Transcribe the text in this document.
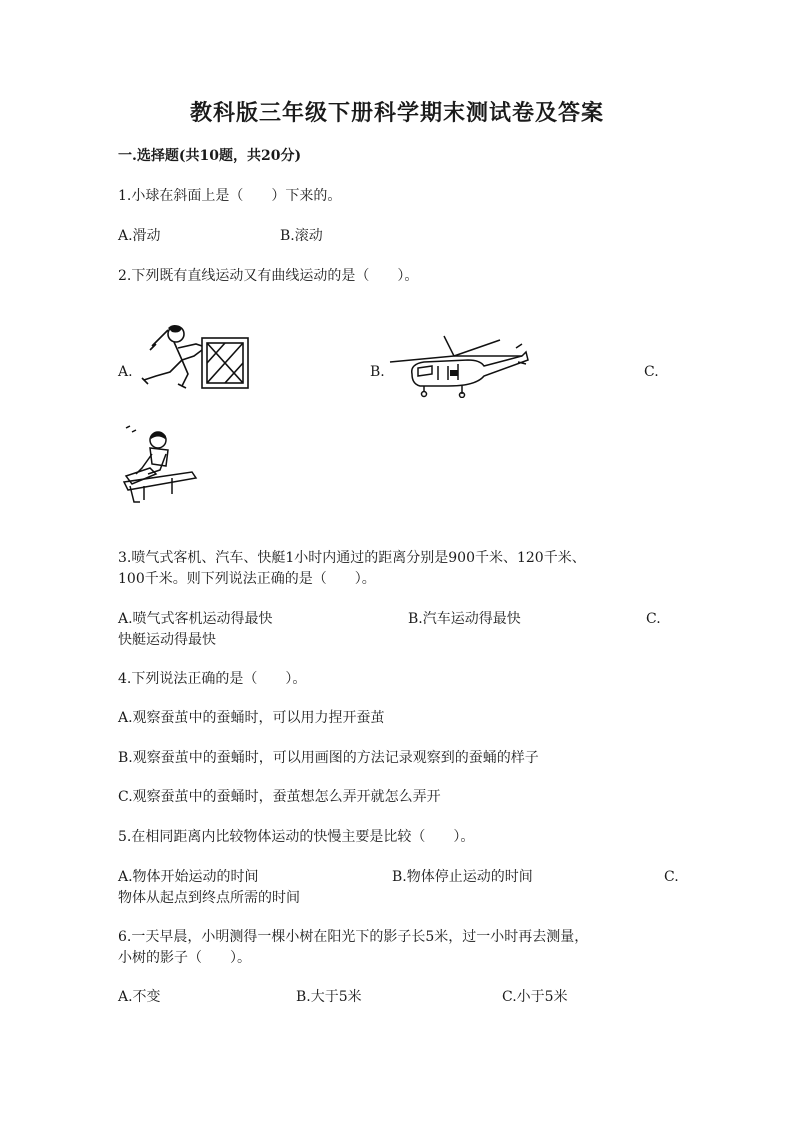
教科版三年级下册科学期末测试卷及答案
一.选择题(共10题，共20分)
1.小球在斜面上是（　　）下来的。
A.滑动	B.滚动
2.下列既有直线运动又有曲线运动的是（　　）。
A.	B.	C.
3.喷气式客机、汽车、快艇1小时内通过的距离分别是900千米、120千米、
100千米。则下列说法正确的是（　　）。
A.喷气式客机运动得最快	B.汽车运动得最快	C.
快艇运动得最快
4.下列说法正确的是（　　）。
A.观察蚕茧中的蚕蛹时，可以用力捏开蚕茧
B.观察蚕茧中的蚕蛹时，可以用画图的方法记录观察到的蚕蛹的样子
C.观察蚕茧中的蚕蛹时，蚕茧想怎么弄开就怎么弄开
5.在相同距离内比较物体运动的快慢主要是比较（　　）。
A.物体开始运动的时间	B.物体停止运动的时间	C.
物体从起点到终点所需的时间
6.一天早晨，小明测得一棵小树在阳光下的影子长5米，过一小时再去测量，
小树的影子（　　）。
A.不变	B.大于5米	C.小于5米
